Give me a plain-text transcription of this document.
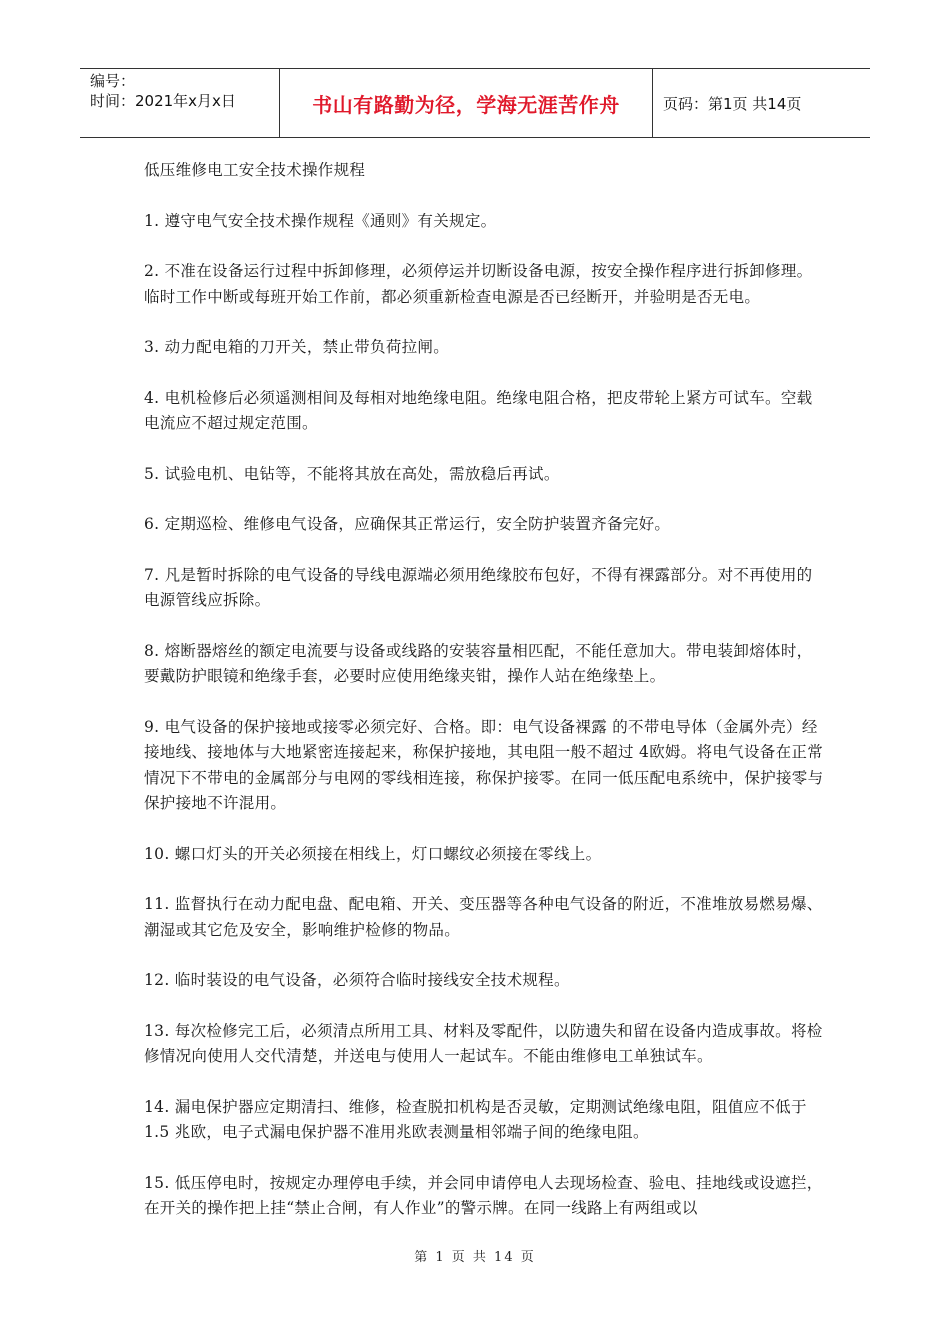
编号：
时间：2021年x月x日	书山有路勤为径，学海无涯苦作舟	页码：第1页 共14页
低压维修电工安全技术操作规程

1. 遵守电气安全技术操作规程《通则》有关规定。

2. 不准在设备运行过程中拆卸修理，必须停运并切断设备电源，按安全操作程序进行拆卸修理。临时工作中断或每班开始工作前，都必须重新检查电源是否已经断开，并验明是否无电。

3. 动力配电箱的刀开关，禁止带负荷拉闸。

4. 电机检修后必须遥测相间及每相对地绝缘电阻。绝缘电阻合格，把皮带轮上紧方可试车。空载电流应不超过规定范围。

5. 试验电机、电钻等，不能将其放在高处，需放稳后再试。

6. 定期巡检、维修电气设备，应确保其正常运行，安全防护装置齐备完好。

7. 凡是暂时拆除的电气设备的导线电源端必须用绝缘胶布包好，不得有裸露部分。对不再使用的电源管线应拆除。

8. 熔断器熔丝的额定电流要与设备或线路的安装容量相匹配，不能任意加大。带电装卸熔体时，要戴防护眼镜和绝缘手套，必要时应使用绝缘夹钳，操作人站在绝缘垫上。

9. 电气设备的保护接地或接零必须完好、合格。即：电气设备裸露 的不带电导体（金属外壳）经接地线、接地体与大地紧密连接起来，称保护接地，其电阻一般不超过 4欧姆。将电气设备在正常情况下不带电的金属部分与电网的零线相连接，称保护接零。在同一低压配电系统中，保护接零与保护接地不许混用。

10. 螺口灯头的开关必须接在相线上，灯口螺纹必须接在零线上。

11. 监督执行在动力配电盘、配电箱、开关、变压器等各种电气设备的附近，不准堆放易燃易爆、潮湿或其它危及安全，影响维护检修的物品。

12. 临时装设的电气设备，必须符合临时接线安全技术规程。

13. 每次检修完工后，必须清点所用工具、材料及零配件，以防遗失和留在设备内造成事故。将检修情况向使用人交代清楚，并送电与使用人一起试车。不能由维修电工单独试车。

14. 漏电保护器应定期清扫、维修，检查脱扣机构是否灵敏，定期测试绝缘电阻，阻值应不低于 1.5 兆欧，电子式漏电保护器不准用兆欧表测量相邻端子间的绝缘电阻。

15. 低压停电时，按规定办理停电手续，并会同申请停电人去现场检查、验电、挂地线或设遮拦，在开关的操作把上挂“禁止合闸，有人作业”的警示牌。在同一线路上有两组或以

第 1 页 共 14 页
